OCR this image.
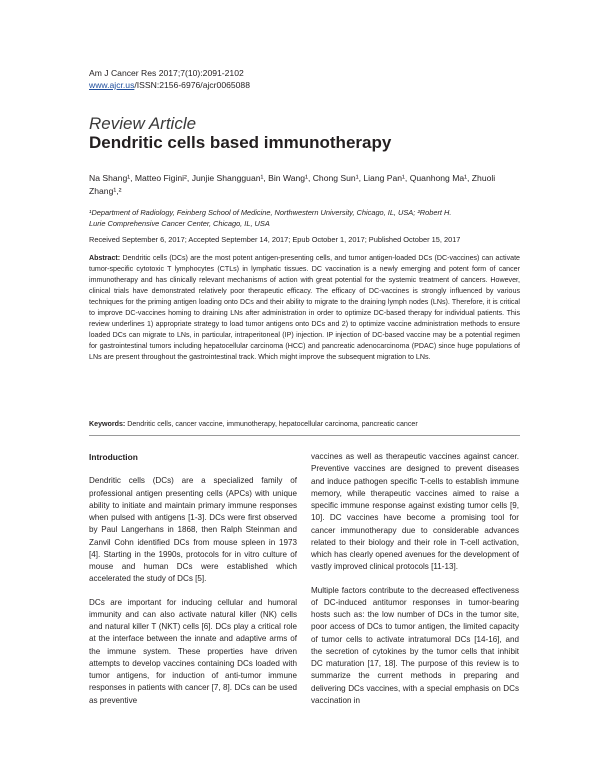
Am J Cancer Res 2017;7(10):2091-2102
www.ajcr.us/ISSN:2156-6976/ajcr0065088
Review Article
Dendritic cells based immunotherapy
Na Shang¹, Matteo Figini², Junjie Shangguan¹, Bin Wang¹, Chong Sun¹, Liang Pan¹, Quanhong Ma¹, Zhuoli
Zhang¹,²
¹Department of Radiology, Feinberg School of Medicine, Northwestern University, Chicago, IL, USA; ²Robert H.
Lurie Comprehensive Cancer Center, Chicago, IL, USA
Received September 6, 2017; Accepted September 14, 2017; Epub October 1, 2017; Published October 15, 2017
Abstract: Dendritic cells (DCs) are the most potent antigen-presenting cells, and tumor antigen-loaded DCs (DC-vaccines) can activate tumor-specific cytotoxic T lymphocytes (CTLs) in lymphatic tissues. DC vaccination is a newly emerging and potent form of cancer immunotherapy and has clinically relevant mechanisms of action with great potential for the systemic treatment of cancers. However, clinical trials have demonstrated relatively poor therapeutic efficacy. The efficacy of DC-vaccines is strongly influenced by various techniques for the priming antigen loading onto DCs and their ability to migrate to the draining lymph nodes (LNs). Therefore, it is critical to improve DC-vaccines homing to draining LNs after administration in order to optimize DC-based therapy for individual patients. This review underlines 1) appropriate strategy to load tumor antigens onto DCs and 2) to optimize vaccine administration methods to ensure loaded DCs can migrate to LNs, in particular, intraperitoneal (IP) injection. IP injection of DC-based vaccine may be a potential regimen for gastrointestinal tumors including hepatocellular carcinoma (HCC) and pancreatic adenocarcinoma (PDAC) since huge populations of LNs are present throughout the gastrointestinal track. Which might improve the subsequent migration to LNs.
Keywords: Dendritic cells, cancer vaccine, immunotherapy, hepatocellular carcinoma, pancreatic cancer
Introduction

Dendritic cells (DCs) are a specialized family of professional antigen presenting cells (APCs) with unique ability to initiate and maintain primary immune responses when pulsed with antigens [1-3]. DCs were first observed by Paul Langerhans in 1868, then Ralph Steinman and Zanvil Cohn identified DCs from mouse spleen in 1973 [4]. Starting in the 1990s, protocols for in vitro culture of mouse and human DCs were established which accelerated the study of DCs [5].

DCs are important for inducing cellular and humoral immunity and can also activate natural killer (NK) cells and natural killer T (NKT) cells [6]. DCs play a critical role at the interface between the innate and adaptive arms of the immune system. These properties have driven attempts to develop vaccines containing DCs loaded with tumor antigens, for induction of anti-tumor immune responses in patients with cancer [7, 8]. DCs can be used as preventive

vaccines as well as therapeutic vaccines against cancer. Preventive vaccines are designed to prevent diseases and induce pathogen specific T-cells to establish immune memory, while therapeutic vaccines aimed to raise a specific immune response against existing tumor cells [9, 10]. DC vaccines have become a promising tool for cancer immunotherapy due to considerable advances related to their biology and their role in T-cell activation, which has clearly opened avenues for the development of vastly improved clinical protocols [11-13].

Multiple factors contribute to the decreased effectiveness of DC-induced antitumor responses in tumor-bearing hosts such as: the low number of DCs in the tumor site, poor access of DCs to tumor antigen, the limited capacity of tumor cells to activate intratumoral DCs [14-16], and the secretion of cytokines by the tumor cells that inhibit DC maturation [17, 18]. The purpose of this review is to summarize the current methods in preparing and delivering DCs vaccines, with a special emphasis on DCs vaccination in
